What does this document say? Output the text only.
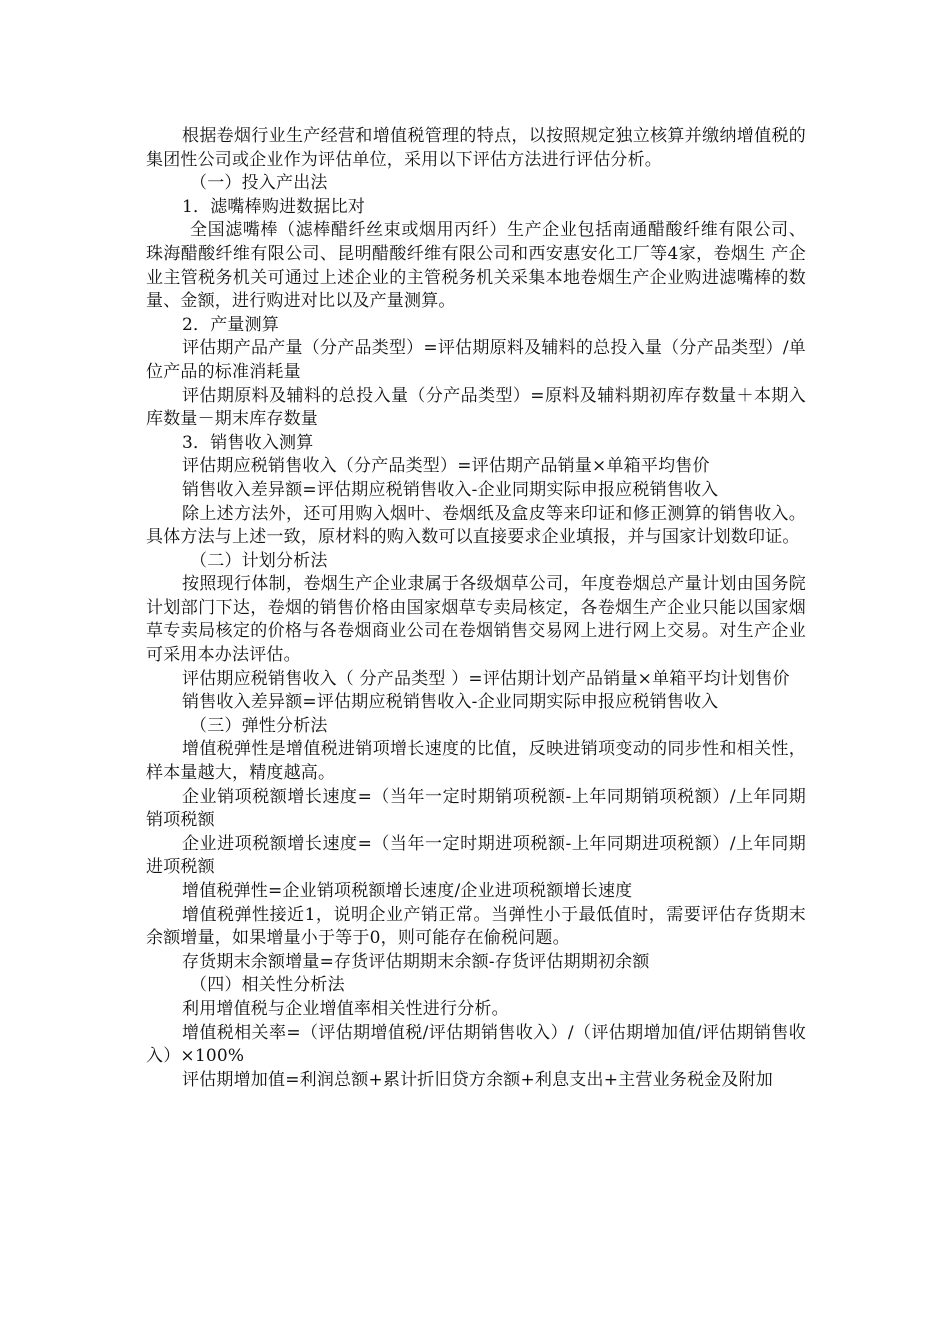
根据卷烟行业生产经营和增值税管理的特点，以按照规定独立核算并缴纳增值税的集团性公司或企业作为评估单位，采用以下评估方法进行评估分析。

（一）投入产出法

1．滤嘴棒购进数据比对

全国滤嘴棒（滤棒醋纤丝束或烟用丙纤）生产企业包括南通醋酸纤维有限公司、珠海醋酸纤维有限公司、昆明醋酸纤维有限公司和西安惠安化工厂等4家，卷烟生 产企业主管税务机关可通过上述企业的主管税务机关采集本地卷烟生产企业购进滤嘴棒的数量、金额，进行购进对比以及产量测算。

2．产量测算

评估期产品产量（分产品类型）=评估期原料及辅料的总投入量（分产品类型）/单位产品的标准消耗量

评估期原料及辅料的总投入量（分产品类型）=原料及辅料期初库存数量＋本期入库数量－期末库存数量

3．销售收入测算

评估期应税销售收入（分产品类型）=评估期产品销量×单箱平均售价

销售收入差异额=评估期应税销售收入-企业同期实际申报应税销售收入

除上述方法外，还可用购入烟叶、卷烟纸及盒皮等来印证和修正测算的销售收入。具体方法与上述一致，原材料的购入数可以直接要求企业填报，并与国家计划数印证。

（二）计划分析法

按照现行体制，卷烟生产企业隶属于各级烟草公司，年度卷烟总产量计划由国务院计划部门下达，卷烟的销售价格由国家烟草专卖局核定，各卷烟生产企业只能以国家烟草专卖局核定的价格与各卷烟商业公司在卷烟销售交易网上进行网上交易。对生产企业可采用本办法评估。

评估期应税销售收入（ 分产品类型 ）=评估期计划产品销量×单箱平均计划售价

销售收入差异额=评估期应税销售收入-企业同期实际申报应税销售收入

（三）弹性分析法

增值税弹性是增值税进销项增长速度的比值，反映进销项变动的同步性和相关性，样本量越大，精度越高。

企业销项税额增长速度=（当年一定时期销项税额-上年同期销项税额）/上年同期销项税额

企业进项税额增长速度=（当年一定时期进项税额-上年同期进项税额）/上年同期进项税额

增值税弹性=企业销项税额增长速度/企业进项税额增长速度

增值税弹性接近1，说明企业产销正常。当弹性小于最低值时，需要评估存货期末余额增量，如果增量小于等于0，则可能存在偷税问题。

存货期末余额增量=存货评估期期末余额-存货评估期期初余额

（四）相关性分析法

利用增值税与企业增值率相关性进行分析。

增值税相关率=（评估期增值税/评估期销售收入）/（评估期增加值/评估期销售收入）×100%

评估期增加值=利润总额+累计折旧贷方余额+利息支出+主营业务税金及附加
